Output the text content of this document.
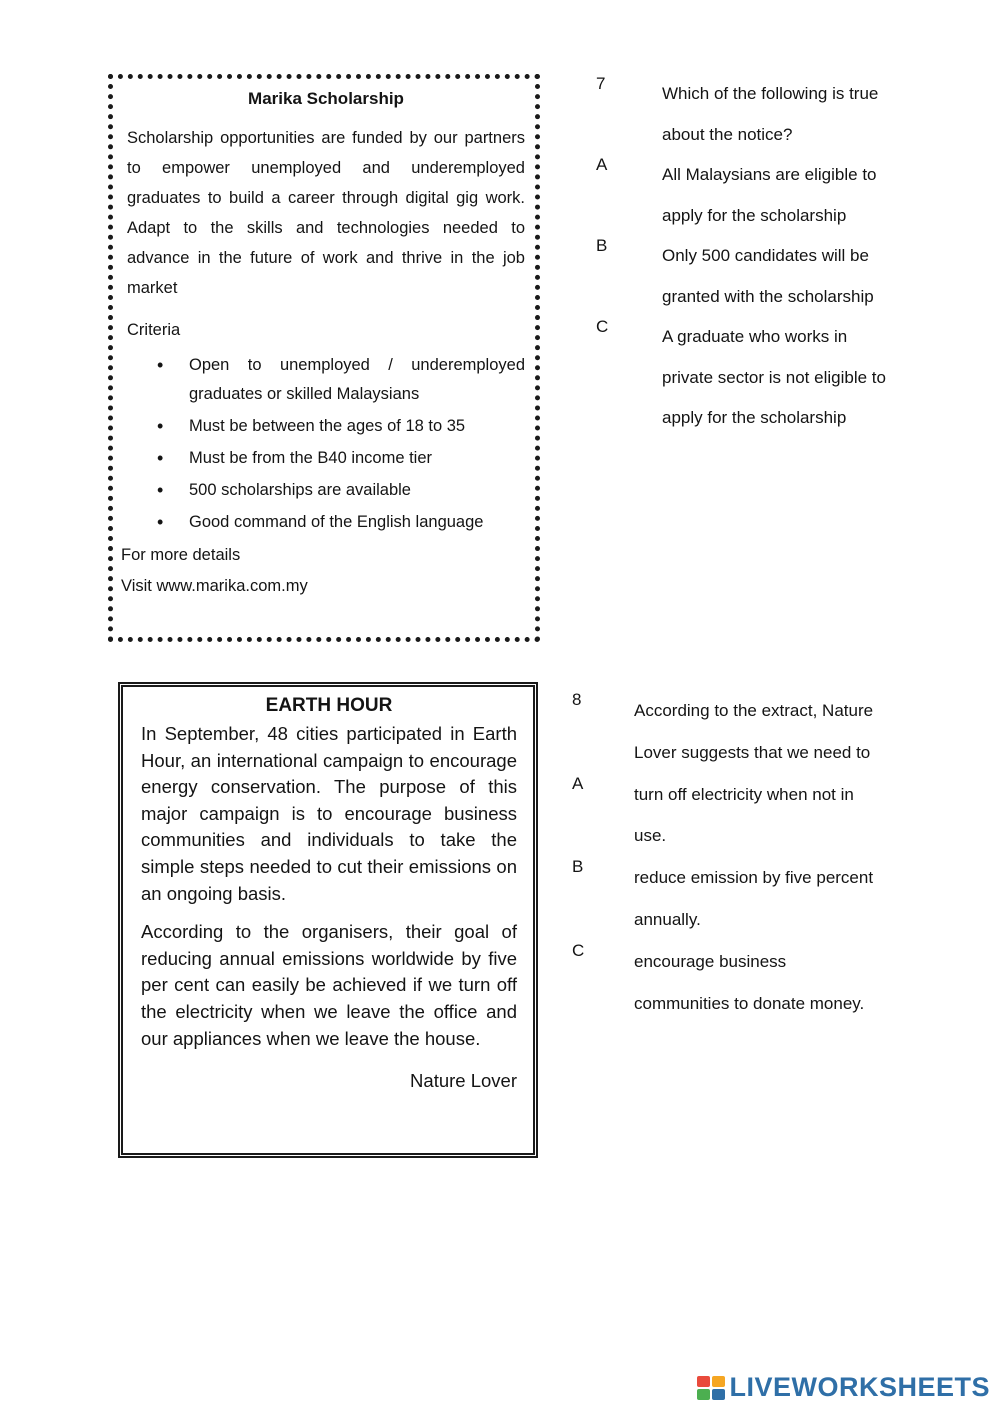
Marika Scholarship

Scholarship opportunities are funded by our partners to empower unemployed and underemployed graduates to build a career through digital gig work. Adapt to the skills and technologies needed to advance in the future of work and thrive in the job market

Criteria

• Open to unemployed / underemployed graduates or skilled Malaysians
• Must be between the ages of 18 to 35
• Must be from the B40 income tier
• 500 scholarships are available
• Good command of the English language
For more details
Visit www.marika.com.my
7
Which of the following is true about the notice?
A
All Malaysians are eligible to apply for the scholarship
B
Only 500 candidates will be granted with the scholarship
C
A graduate who works in private sector is not eligible to apply for the scholarship
EARTH HOUR

In September, 48 cities participated in Earth Hour, an international campaign to encourage energy conservation. The purpose of this major campaign is to encourage business communities and individuals to take the simple steps needed to cut their emissions on an ongoing basis.

According to the organisers, their goal of reducing annual emissions worldwide by five per cent can easily be achieved if we turn off the electricity when we leave the office and our appliances when we leave the house.

Nature Lover
8
According to the extract, Nature Lover suggests that we need to
A
turn off electricity when not in use.
B
reduce emission by five percent annually.
C
encourage business communities to donate money.
LIVEWORKSHEETS
